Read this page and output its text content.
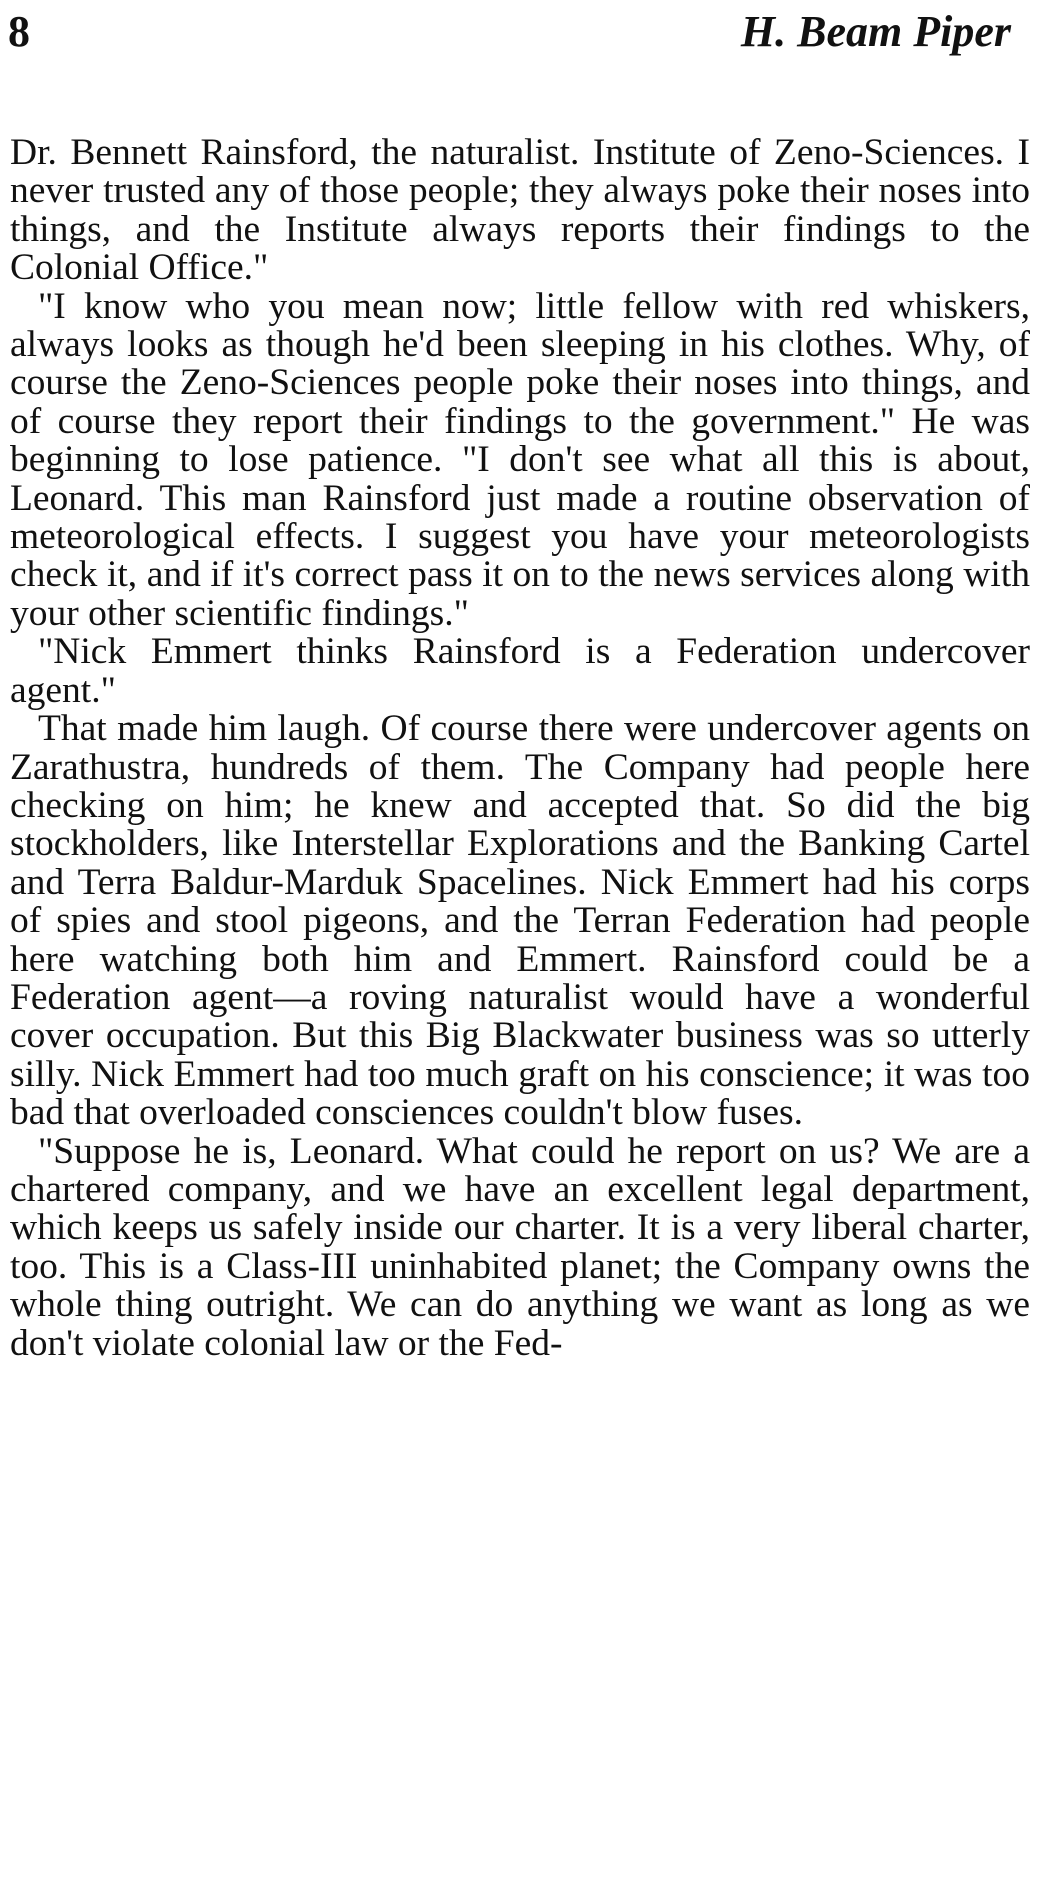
8	H. Beam Piper

Dr. Bennett Rainsford, the naturalist. Institute of Zeno-Sciences. I never trusted any of those people; they always poke their noses into things, and the Institute always reports their findings to the Colonial Office."

"I know who you mean now; little fellow with red whiskers, always looks as though he'd been sleeping in his clothes. Why, of course the Zeno-Sciences people poke their noses into things, and of course they report their findings to the government." He was beginning to lose patience. "I don't see what all this is about, Leonard. This man Rainsford just made a routine observation of meteorological effects. I suggest you have your meteorologists check it, and if it's correct pass it on to the news services along with your other scientific findings."

"Nick Emmert thinks Rainsford is a Federation undercover agent."

That made him laugh. Of course there were undercover agents on Zarathustra, hundreds of them. The Company had people here checking on him; he knew and accepted that. So did the big stockholders, like Interstellar Explorations and the Banking Cartel and Terra Baldur-Marduk Spacelines. Nick Emmert had his corps of spies and stool pigeons, and the Terran Federation had people here watching both him and Emmert. Rainsford could be a Federation agent—a roving naturalist would have a wonderful cover occupation. But this Big Blackwater business was so utterly silly. Nick Emmert had too much graft on his conscience; it was too bad that overloaded consciences couldn't blow fuses.

"Suppose he is, Leonard. What could he report on us? We are a chartered company, and we have an excellent legal department, which keeps us safely inside our charter. It is a very liberal charter, too. This is a Class-III uninhabited planet; the Company owns the whole thing outright. We can do anything we want as long as we don't violate colonial law or the Fed-
